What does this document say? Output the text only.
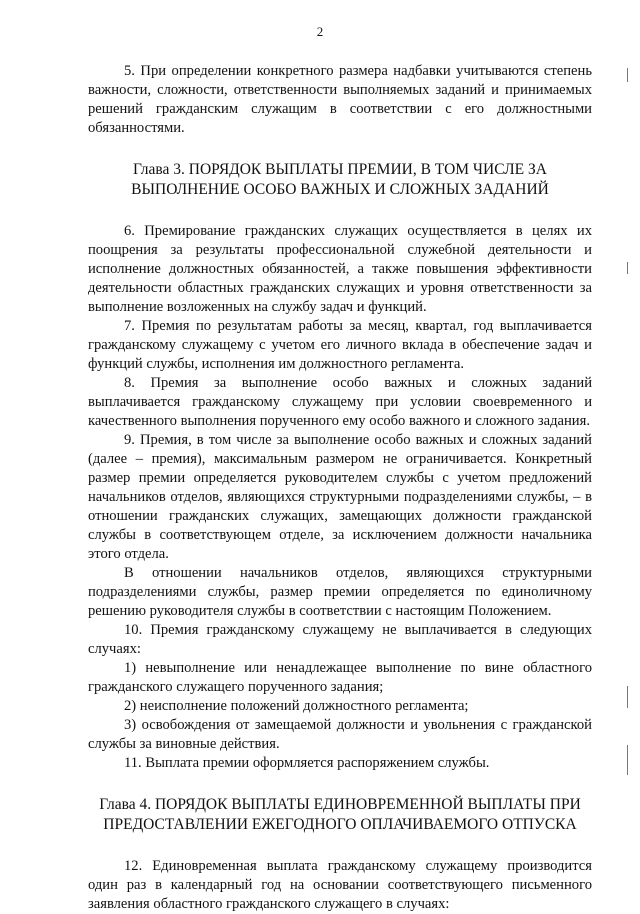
2

5. При определении конкретного размера надбавки учитываются степень важности, сложности, ответственности выполняемых заданий и принимаемых решений гражданским служащим в соответствии с его должностными обязанностями.

Глава 3. ПОРЯДОК ВЫПЛАТЫ ПРЕМИИ, В ТОМ ЧИСЛЕ ЗА ВЫПОЛНЕНИЕ ОСОБО ВАЖНЫХ И СЛОЖНЫХ ЗАДАНИЙ

6. Премирование гражданских служащих осуществляется в целях их поощрения за результаты профессиональной служебной деятельности и исполнение должностных обязанностей, а также повышения эффективности деятельности областных гражданских служащих и уровня ответственности за выполнение возложенных на службу задач и функций.

7. Премия по результатам работы за месяц, квартал, год выплачивается гражданскому служащему с учетом его личного вклада в обеспечение задач и функций службы, исполнения им должностного регламента.

8. Премия за выполнение особо важных и сложных заданий выплачивается гражданскому служащему при условии своевременного и качественного выполнения порученного ему особо важного и сложного задания.

9. Премия, в том числе за выполнение особо важных и сложных заданий (далее – премия), максимальным размером не ограничивается. Конкретный размер премии определяется руководителем службы с учетом предложений начальников отделов, являющихся структурными подразделениями службы, – в отношении гражданских служащих, замещающих должности гражданской службы в соответствующем отделе, за исключением должности начальника этого отдела.

В отношении начальников отделов, являющихся структурными подразделениями службы, размер премии определяется по единоличному решению руководителя службы в соответствии с настоящим Положением.

10. Премия гражданскому служащему не выплачивается в следующих случаях:

1) невыполнение или ненадлежащее выполнение по вине областного гражданского служащего порученного задания;

2) неисполнение положений должностного регламента;

3) освобождения от замещаемой должности и увольнения с гражданской службы за виновные действия.

11. Выплата премии оформляется распоряжением службы.

Глава 4. ПОРЯДОК ВЫПЛАТЫ ЕДИНОВРЕМЕННОЙ ВЫПЛАТЫ ПРИ ПРЕДОСТАВЛЕНИИ ЕЖЕГОДНОГО ОПЛАЧИВАЕМОГО ОТПУСКА

12. Единовременная выплата гражданскому служащему производится один раз в календарный год на основании соответствующего письменного заявления областного гражданского служащего в случаях:
